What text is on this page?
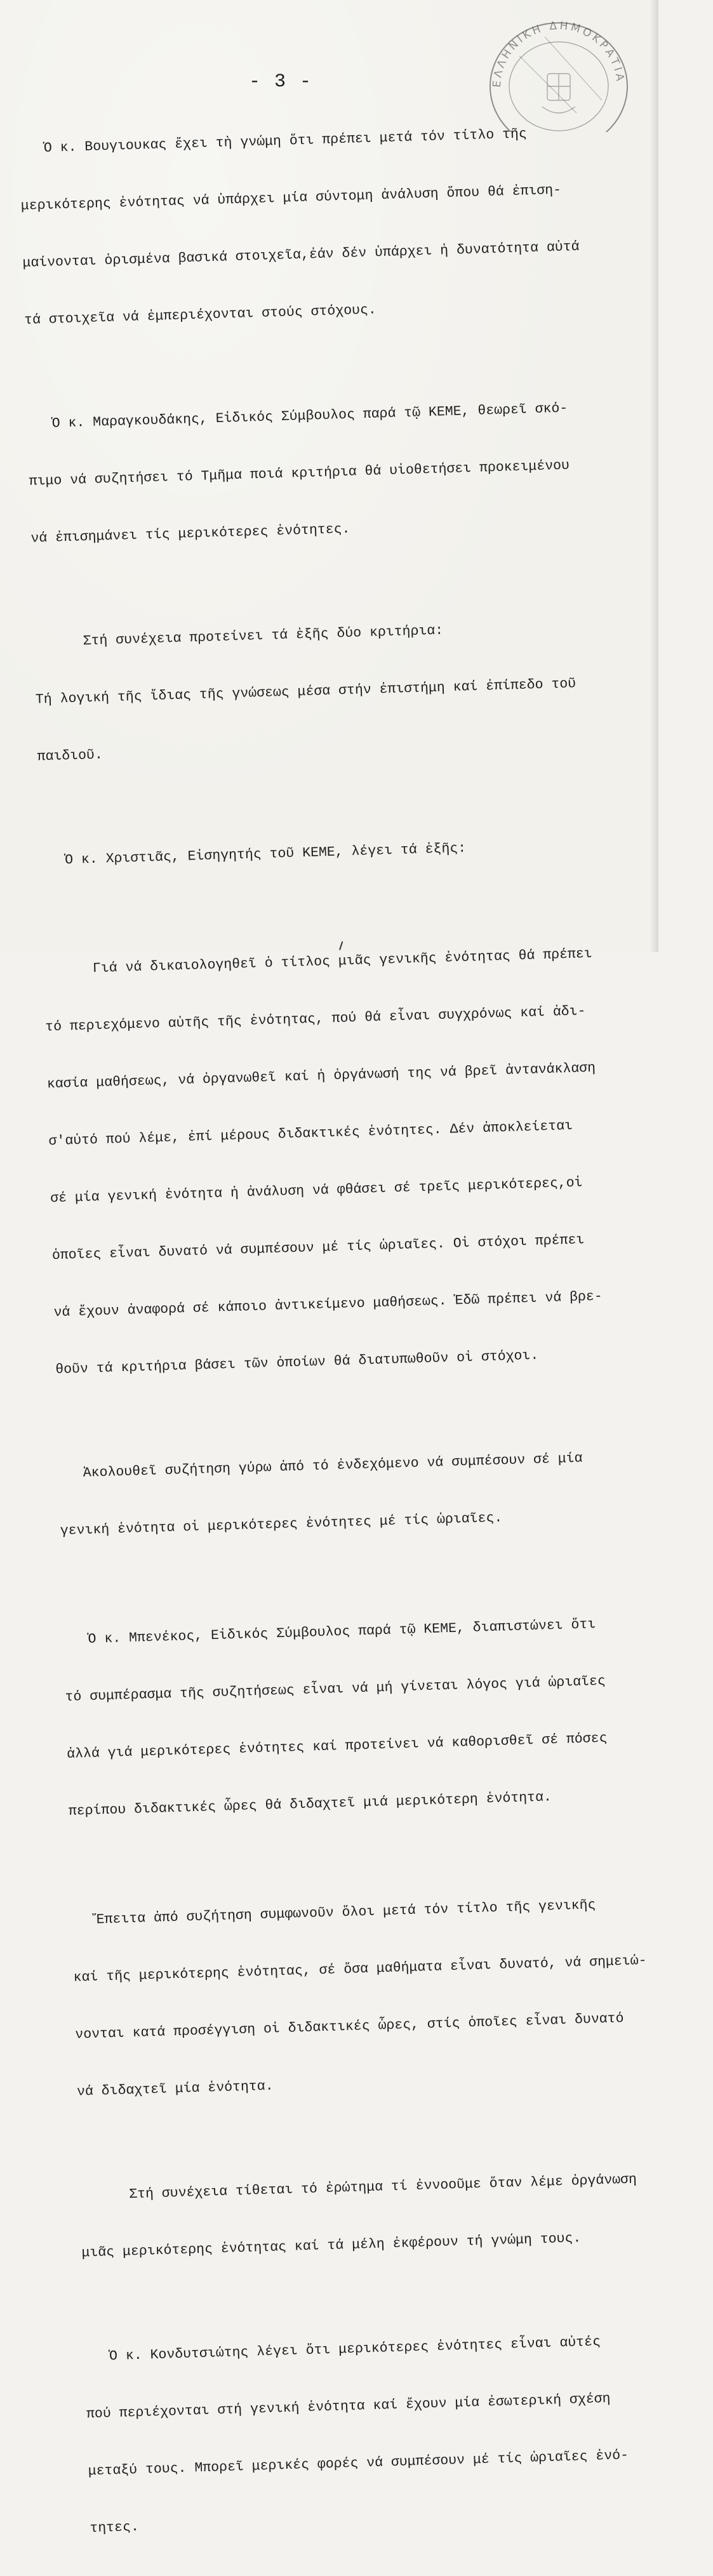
- 3 -	ΕΛΛΗΝΙΚΗ ΔΗΜΟΚΡΑΤΙΑ

Ὁ κ. Βουγιουκας ἔχει τὴ γνώμη ὅτι πρέπει μετά τόν τίτλο τῆς

μερικότερης ἑνότητας νά ὑπάρχει μία σύντομη ἀνάλυση ὅπου θά ἐπιση-

μαίνονται ὁρισμένα βασικά στοιχεῖα,ἐάν δέν ὑπάρχει ἡ δυνατότητα αὐτά

τά στοιχεῖα νά ἐμπεριέχονται στούς στόχους.

Ὁ κ. Μαραγκουδάκης, Εἰδικός Σύμβουλος παρά τῷ ΚΕΜΕ, θεωρεῖ σκό-

πιμο νά συζητήσει τό Τμῆμα ποιά κριτήρια θά υἱοθετήσει προκειμένου

νά ἐπισημάνει τίς μερικότερες ἑνότητες.

Στή συνέχεια προτείνει τά ἑξῆς δύο κριτήρια:

Τή λογική τῆς ἴδιας τῆς γνώσεως μέσα στήν ἐπιστήμη καί ἐπίπεδο τοῦ

παιδιοῦ.

Ὁ κ. Χριστιᾶς, Εἰσηγητής τοῦ ΚΕΜΕ, λέγει τά ἑξῆς:

Γιά νά δικαιολογηθεῖ ὁ τίτλος μιᾶς γενικῆς ἑνότητας θά πρέπει

τό περιεχόμενο αὐτῆς τῆς ἑνότητας, πού θά εἶναι συγχρόνως καί ἀδι-

κασία μαθήσεως, νά ὀργανωθεῖ καί ἡ ὀργάνωσή της νά βρεῖ ἀντανάκλαση

σ'αὐτό πού λέμε, ἐπί μέρους διδακτικές ἑνότητες. Δέν ἀποκλείεται

σέ μία γενική ἑνότητα ἡ ἀνάλυση νά φθάσει σέ τρεῖς μερικότερες,οἱ

ὁποῖες εἶναι δυνατό νά συμπέσουν μέ τίς ὡριαῖες. Οἱ στόχοι πρέπει

νά ἔχουν ἀναφορά σέ κάποιο ἀντικείμενο μαθήσεως. Ἐδῶ πρέπει νά βρε-

θοῦν τά κριτήρια βάσει τῶν ὁποίων θά διατυπωθοῦν οἱ στόχοι.

Ἀκολουθεῖ συζήτηση γύρω ἀπό τό ἐνδεχόμενο νά συμπέσουν σέ μία

γενική ἑνότητα οἱ μερικότερες ἑνότητες μέ τίς ὡριαῖες.

Ὁ κ. Μπενέκος, Εἰδικός Σύμβουλος παρά τῷ ΚΕΜΕ, διαπιστώνει ὅτι

τό συμπέρασμα τῆς συζητήσεως εἶναι νά μή γίνεται λόγος γιά ὡριαῖες

ἀλλά γιά μερικότερες ἑνότητες καί προτείνει νά καθορισθεῖ σέ πόσες

περίπου διδακτικές ὧρες θά διδαχτεῖ μιά μερικότερη ἑνότητα.

Ἔπειτα ἀπό συζήτηση συμφωνοῦν ὅλοι μετά τόν τίτλο τῆς γενικῆς

καί τῆς μερικότερης ἑνότητας, σέ ὅσα μαθήματα εἶναι δυνατό, νά σημειώ-

νονται κατά προσέγγιση οἱ διδακτικές ὧρες, στίς ὁποῖες εἶναι δυνατό

νά διδαχτεῖ μία ἑνότητα.

Στή συνέχεια τίθεται τό ἐρώτημα τί ἐννοοῦμε ὅταν λέμε ὀργάνωση

μιᾶς μερικότερης ἑνότητας καί τά μέλη ἐκφέρουν τή γνώμη τους.

Ὁ κ. Κονδυτσιώτης λέγει ὅτι μερικότερες ἑνότητες εἶναι αὐτές

πού περιέχονται στή γενική ἑνότητα καί ἔχουν μία ἐσωτερική σχέση

μεταξύ τους. Μπορεῖ μερικές φορές νά συμπέσουν μέ τίς ὡριαῖες ἑνό-

τητες.
